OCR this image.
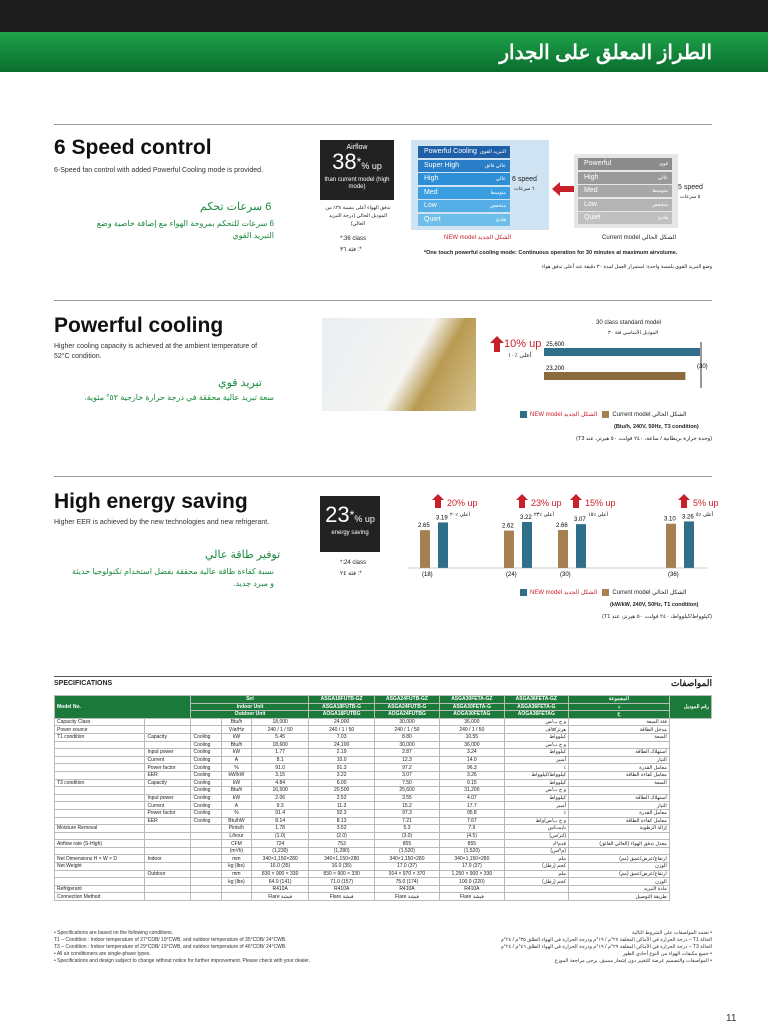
الطراز المعلق على الجدار
6 Speed control
6-Speed fan control with added Powerful Cooling mode is provided.
6 سرعات تحكم
6 سرعات للتحكم بمروحة الهواء مع إضافة خاصية وضع التبريد القوي
Airflow
38*% up
than current model (high mode)
تدفق الهواء أعلى بنسبة ٣٨٪ من الموديل الحالي (درجة التبريد العالي)
*:36 class
*: فئة ٣٦
Powerful Cooling التبريد القوي
Super High	عالي فائق
High	عالي
Med	متوسط
Low	منخفض
Quiet	هادئ
6 speed
٦ سرعات
Powerful	قوي
High	عالي
Med	متوسط
Low	منخفض
Quiet	هادئ
5 speed
٥ سرعات
NEW model الشكل الجديد	Current model الشكل الحالي
*One touch powerful cooling mode: Continuous operation for 30 minutes at maximum airvolume.
وضع التبريد القوي بلمسة واحدة: استمرار العمل لمدة ٣٠ دقيقة عند أعلى تدفق هواء
Powerful cooling
Higher cooling capacity is achieved at the ambient temperature of 52°C condition.
تبريد قوي
سعة تبريد عالية محققة في درجة حرارة خارجية ٥٢° مئوية.
30 class standard model
الموديل الأساسي فئة ٣٠
10% up
أعلى ٪١٠
25,600
23,200	(30)
NEW model الشكل الجديد	Current model الشكل الحالي
(Btu/h, 240V, 50Hz, T3 condition)
(وحدة حرارة بريطانية / ساعة، ٢٤٠ فولت، ٥٠ هيرتز، عند T3)
High energy saving
Higher EER is achieved by the new technologies and new refrigerant.
توفير طاقة عالي
نسبة كفاءة طاقة عالية محققة بفضل استخدام تكنولوجيا حديثة و مبرد جديد.
23*% up
energy saving
*:24 class
*: فئة ٢٤
2.65
3.19
(18)
20% up
أعلى ٪٢٠
2.62
3.22
(24)
23% up
أعلى ٪٢٣
2.66
3.07
(30)
15% up
أعلى ٪١٥
3.10 3.26
(36)
5% up
أعلى ٪٥
NEW model الشكل الجديد	Current model الشكل الحالي
(kW/kW, 240V, 50Hz, T1 condition)
(كيلوواط/كيلوواط، ٢٤٠ فولت، ٥٠ هيرتز، عند T1)
SPECIFICATIONS	المواصفات
Model No.		Set			ASGA18FUTB-GZ	ASGA24FUTB-GZ	ASGA30FETA-GZ	ASGA36FETA-GZ	المجموعة	رقم الموديل
		Indoor Unit			ASGA18FUTB-G	ASGA24FUTB-G	ASGA30FETA-G	ASGA36FETA-G	د	
		Outdoor Unit			AOGA18FUTBG	AOGA24FUTBG	AOGA30FETAG	AOGA36FETAG	خ	
Capacity Class			Btu/h	18,000	24,000	30,000	36,000	و ح ب/س	فئة السعة	
Power source			V/ø/Hz	240 / 1 / 50	240 / 1 / 50	240 / 1 / 50	240 / 1 / 50	ف/ø/هرتز	مدخل الطاقة	
T1 condition	Capacity	Cooling	kW	5.45	7.03	8.80	10.55	كيلوواط	السعة	
		Cooling	Btu/h	18,600	24,100	30,000	36,000	و ح ب/س		
	Input power	Cooling	kW	1.77	2.19	2.87	3.24	كيلوواط	استهلاك الطاقة	
	Current	Cooling	A	8.1	10.0	12.3	14.0	أمبير	التيار	
	Power factor	Cooling	%	91.0	91.3	97.2	96.3	٪	معامل القدرة	
	EER	Cooling	kW/kW	3.15	3.22	3.07	3.26	كيلوواط/كيلوواط	معامل كفاءة الطاقة	
T3 condition	Capacity	Cooling	kW	4.84	6.00	7.50	9.15	كيلوواط	السعة	
		Cooling	Btu/h	16,500	20,500	25,600	31,200	و ح ب/س		
	Input power	Cooling	kW	2.06	2.52	3.55	4.07	كيلوواط	استهلاك الطاقة	
	Current	Cooling	A	9.3	11.3	15.2	17.7	أمبير	التيار	
	Power factor	Cooling	%	91.4	92.3	97.3	95.8	٪	معامل القدرة	
	EER	Cooling	Btu/hW	8.14	8.13	7.21	7.67	و ح ب/س/واط	معامل كفاءة الطاقة	
Moisture Removal			Pints/h	1.78	3.52	5.3	7.9	باينت/س	إزالة الرطوبة	
			L/hour	(1.0)	(2.0)	(3.0)	(4.5)	(لتر/س)		
Airflow rate (S-High)			CFM	724	753	855	855	قدم³/د	معدل تدفق الهواء (العالي الفائق)	
			(m³/h)	(1,230)	(1,280)	(1,520)	(1,520)	(م³/س)		
Net Dimensions H × W × D	Indoor		mm	340×1,150×280	340×1,150×280	340×1,150×280	340×1,150×280	ملم	ارتفاع/عرض/عمق (مم)	
Net Weight			kg (lbs)	16.0 (35)	16.0 (35)	17.0 (37)	17.0 (37)	كجم (رطل)	الوزن	
	Outdoor		mm	830 × 900 × 330	830 × 900 × 330	914 × 970 × 370	1,250 × 900 × 330	ملم	ارتفاع/عرض/عمق (مم)	
			kg (lbs)	64.0 (141)	71.0 (157)	75.0 (174)	100.0 (220)	كجم (رطل)	الوزن	
Refrigerant				R410A	R410A	R410A	R410A		مادة التبريد	
Connection Method				Flare فيشة	Flare فيشة	Flare فيشة	Flare فيشة		طريقة التوصيل	
• Specifications are based on the following conditions.
T1 – Condition : Indoor temperature of 27°CDB/ 19°CWB, and outdoor temperature of 35°CDB/ 24°CWB.
T3 – Condition : Indoor temperature of 29°CDB/ 19°CWB, and outdoor temperature of 46°CDB/ 24°CWB.
• All air conditioners are single-phase types.
• Specifications and design subject to change without notice for further improvement. Please check with your dealer.
• تعتمد المواصفات على الشروط التالية
الحالة T1 – درجة الحرارة في الأماكن المغلقة ٢٧°م / ١٩°م ودرجة الحرارة في الهواء الطلق ٣٥°م / ٢٤°م
الحالة T3 – درجة الحرارة في الأماكن المغلقة ٢٩°م / ١٩°م ودرجة الحرارة في الهواء الطلق ٤٦°م / ٢٤°م
• جميع مكيفات الهواء من النوع أحادي الطور
• المواصفات والتصميم عرضة للتغيير دون إشعار مسبق. يرجى مراجعة الموزع
11
